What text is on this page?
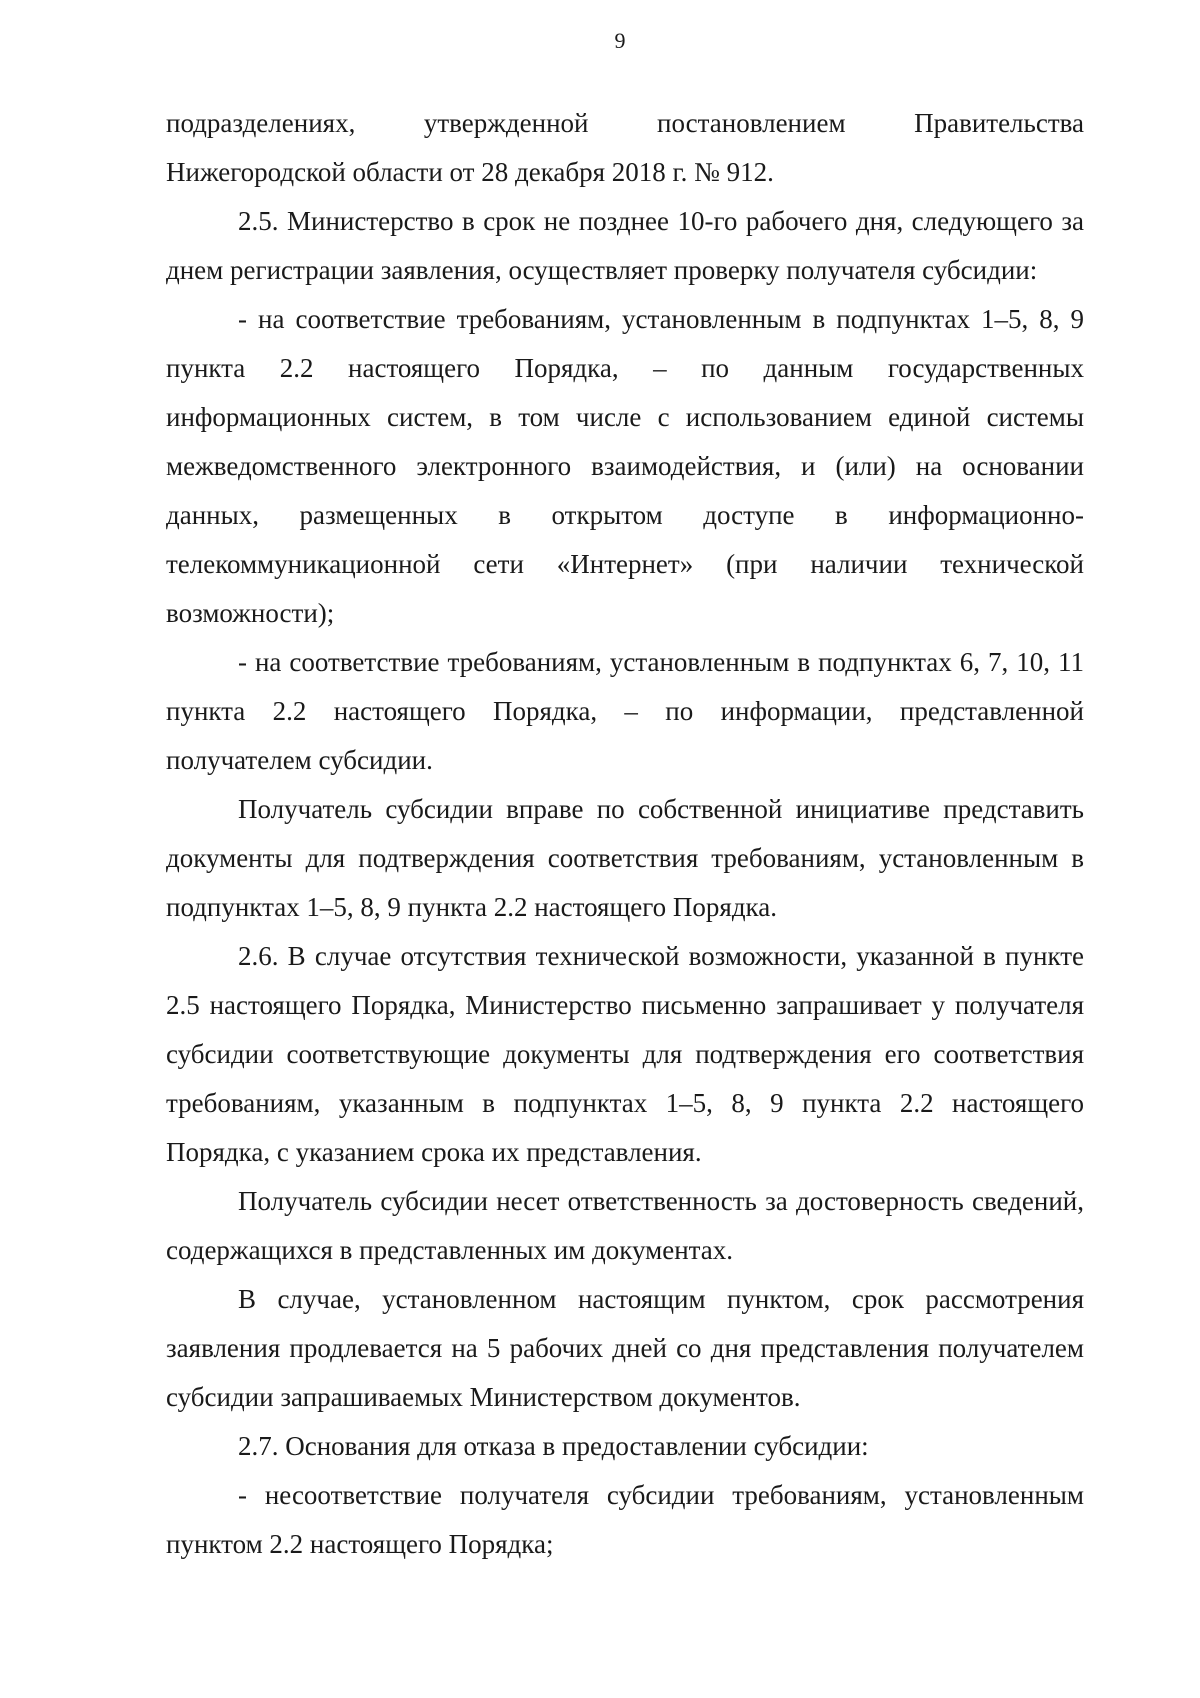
9

подразделениях, утвержденной постановлением Правительства Нижегородской области от 28 декабря 2018 г. № 912.

2.5. Министерство в срок не позднее 10-го рабочего дня, следующего за днем регистрации заявления, осуществляет проверку получателя субсидии:

- на соответствие требованиям, установленным в подпунктах 1–5, 8, 9 пункта 2.2 настоящего Порядка, – по данным государственных информационных систем, в том числе с использованием единой системы межведомственного электронного взаимодействия, и (или) на основании данных, размещенных в открытом доступе в информационно-телекоммуникационной сети «Интернет» (при наличии технической возможности);

- на соответствие требованиям, установленным в подпунктах 6, 7, 10, 11 пункта 2.2 настоящего Порядка, – по информации, представленной получателем субсидии.

Получатель субсидии вправе по собственной инициативе представить документы для подтверждения соответствия требованиям, установленным в подпунктах 1–5, 8, 9 пункта 2.2 настоящего Порядка.

2.6. В случае отсутствия технической возможности, указанной в пункте 2.5 настоящего Порядка, Министерство письменно запрашивает у получателя субсидии соответствующие документы для подтверждения его соответствия требованиям, указанным в подпунктах 1–5, 8, 9 пункта 2.2 настоящего Порядка, с указанием срока их представления.

Получатель субсидии несет ответственность за достоверность сведений, содержащихся в представленных им документах.

В случае, установленном настоящим пунктом, срок рассмотрения заявления продлевается на 5 рабочих дней со дня представления получателем субсидии запрашиваемых Министерством документов.

2.7. Основания для отказа в предоставлении субсидии:

- несоответствие получателя субсидии требованиям, установленным пунктом 2.2 настоящего Порядка;
